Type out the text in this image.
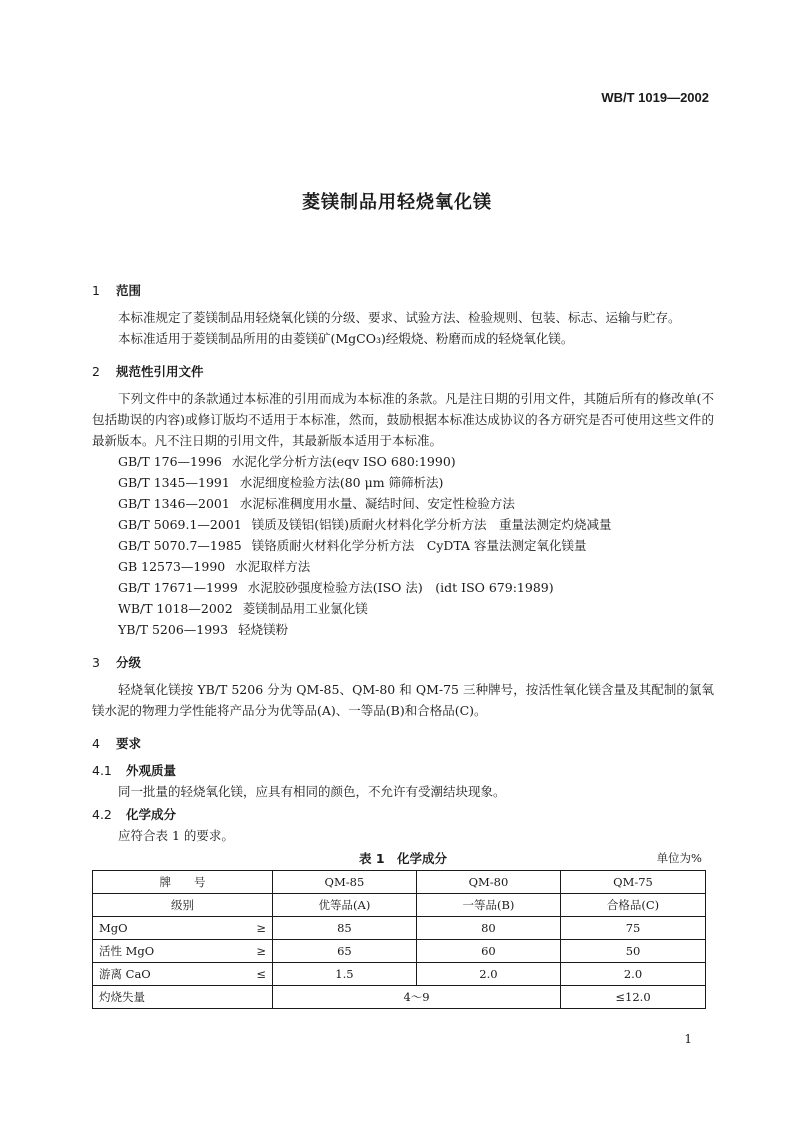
WB/T 1019—2002
菱镁制品用轻烧氧化镁
1 范围

本标准规定了菱镁制品用轻烧氧化镁的分级、要求、试验方法、检验规则、包装、标志、运输与贮存。

本标准适用于菱镁制品所用的由菱镁矿(MgCO₃)经煅烧、粉磨而成的轻烧氧化镁。

2 规范性引用文件

下列文件中的条款通过本标准的引用而成为本标准的条款。凡是注日期的引用文件，其随后所有的修改单(不包括勘误的内容)或修订版均不适用于本标准，然而，鼓励根据本标准达成协议的各方研究是否可使用这些文件的最新版本。凡不注日期的引用文件，其最新版本适用于本标准。

GB/T 176—1996 水泥化学分析方法(eqv ISO 680:1990)

GB/T 1345—1991 水泥细度检验方法(80 μm 筛筛析法)

GB/T 1346—2001 水泥标准稠度用水量、凝结时间、安定性检验方法

GB/T 5069.1—2001 镁质及镁铝(铝镁)质耐火材料化学分析方法　重量法测定灼烧减量

GB/T 5070.7—1985 镁铬质耐火材料化学分析方法　CyDTA 容量法测定氧化镁量

GB 12573—1990 水泥取样方法

GB/T 17671—1999 水泥胶砂强度检验方法(ISO 法)　(idt ISO 679:1989)

WB/T 1018—2002 菱镁制品用工业氯化镁

YB/T 5206—1993 轻烧镁粉

3 分级

轻烧氧化镁按 YB/T 5206 分为 QM-85、QM-80 和 QM-75 三种牌号，按活性氧化镁含量及其配制的氯氧镁水泥的物理力学性能将产品分为优等品(A)、一等品(B)和合格品(C)。

4 要求
4.1 外观质量

同一批量的轻烧氧化镁，应具有相同的颜色，不允许有受潮结块现象。

4.2 化学成分

应符合表 1 的要求。

表 1　化学成分	单位为%
牌　　号	QM-85	QM-80	QM-75
级别	优等品(A)	一等品(B)	合格品(C)
MgO ≥	85	80	75
活性 MgO ≥	65	60	50
游离 CaO ≤	1.5	2.0	2.0
灼烧失量	4～9		≤12.0
1
